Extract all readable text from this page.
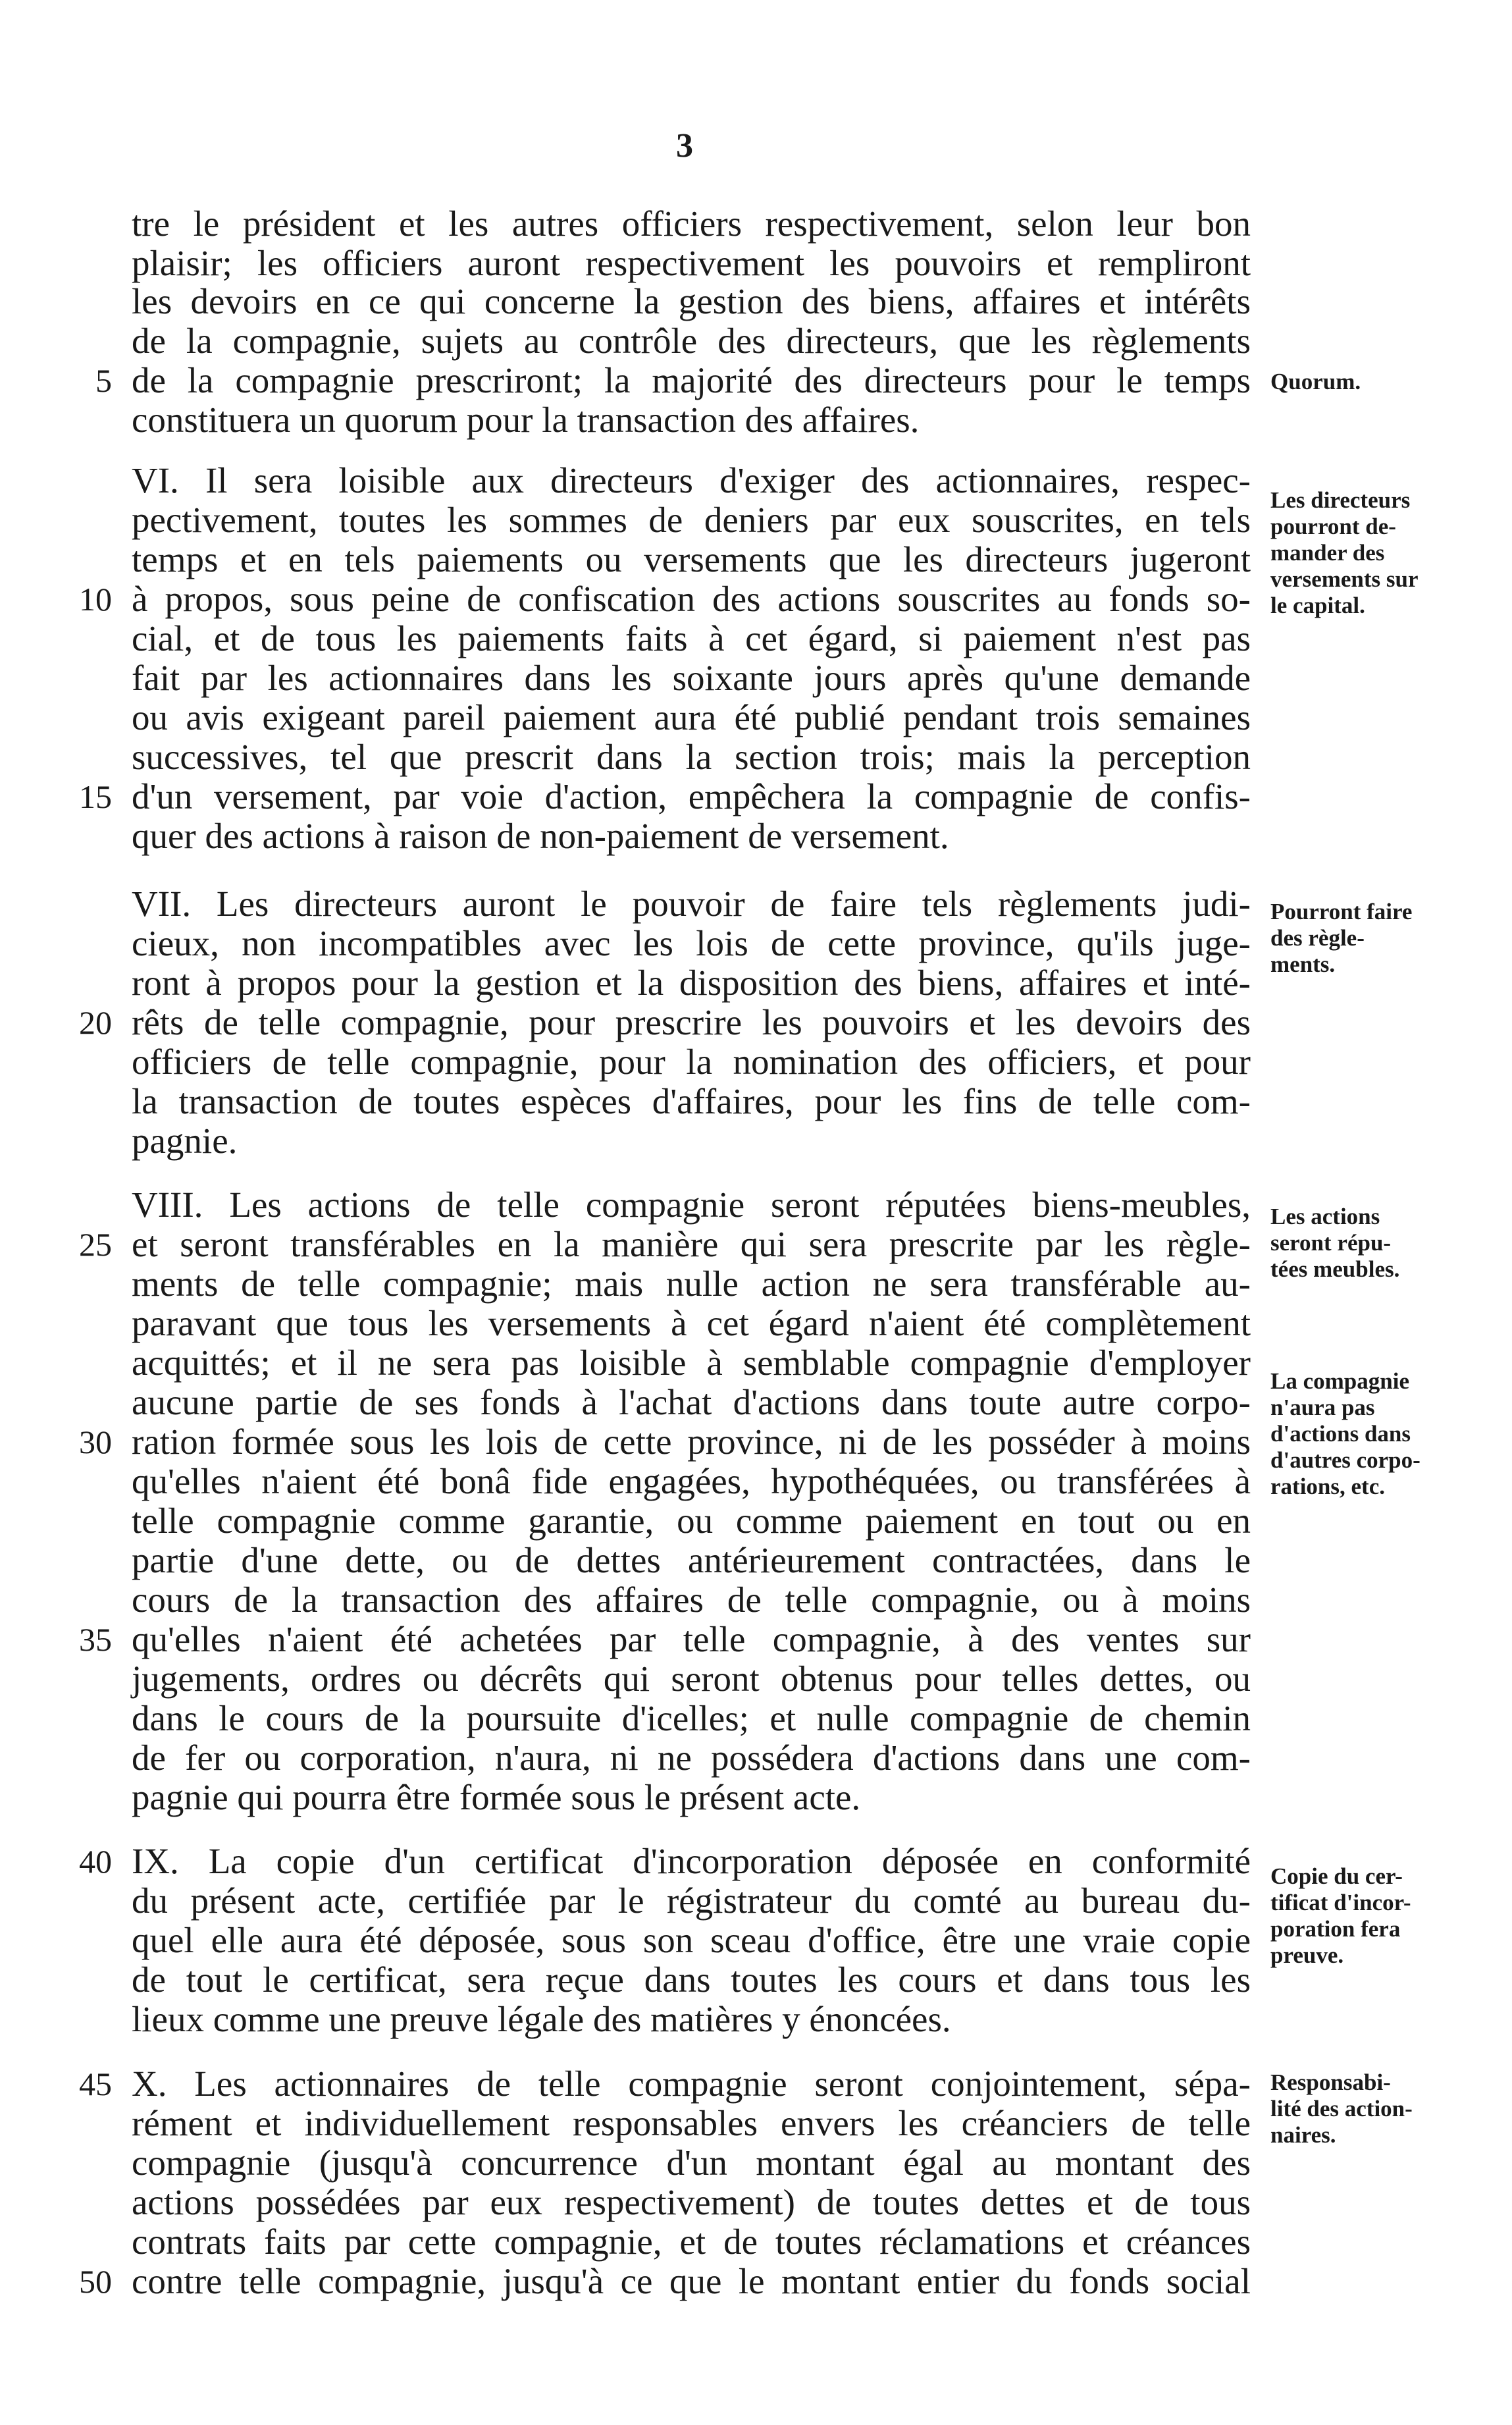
3
tre le président et les autres officiers respectivement, selon leur bon
plaisir; les officiers auront respectivement les pouvoirs et rempliront
les devoirs en ce qui concerne la gestion des biens, affaires et intérêts
de la compagnie, sujets au contrôle des directeurs, que les règlements
de la compagnie prescriront; la majorité des directeurs pour le temps
constituera un quorum pour la transaction des affaires.
VI. Il sera loisible aux directeurs d'exiger des actionnaires, respec-
pectivement, toutes les sommes de deniers par eux souscrites, en tels
temps et en tels paiements ou versements que les directeurs jugeront
à propos, sous peine de confiscation des actions souscrites au fonds so-
cial, et de tous les paiements faits à cet égard, si paiement n'est pas
fait par les actionnaires dans les soixante jours après qu'une demande
ou avis exigeant pareil paiement aura été publié pendant trois semaines
successives, tel que prescrit dans la section trois; mais la perception
d'un versement, par voie d'action, empêchera la compagnie de confis-
quer des actions à raison de non-paiement de versement.
VII. Les directeurs auront le pouvoir de faire tels règlements judi-
cieux, non incompatibles avec les lois de cette province, qu'ils juge-
ront à propos pour la gestion et la disposition des biens, affaires et inté-
rêts de telle compagnie, pour prescrire les pouvoirs et les devoirs des
officiers de telle compagnie, pour la nomination des officiers, et pour
la transaction de toutes espèces d'affaires, pour les fins de telle com-
pagnie.
VIII. Les actions de telle compagnie seront réputées biens-meubles,
et seront transférables en la manière qui sera prescrite par les règle-
ments de telle compagnie; mais nulle action ne sera transférable au-
paravant que tous les versements à cet égard n'aient été complètement
acquittés; et il ne sera pas loisible à semblable compagnie d'employer
aucune partie de ses fonds à l'achat d'actions dans toute autre corpo-
ration formée sous les lois de cette province, ni de les posséder à moins
qu'elles n'aient été bonâ fide engagées, hypothéquées, ou transférées à
telle compagnie comme garantie, ou comme paiement en tout ou en
partie d'une dette, ou de dettes antérieurement contractées, dans le
cours de la transaction des affaires de telle compagnie, ou à moins
qu'elles n'aient été achetées par telle compagnie, à des ventes sur
jugements, ordres ou décrêts qui seront obtenus pour telles dettes, ou
dans le cours de la poursuite d'icelles; et nulle compagnie de chemin
de fer ou corporation, n'aura, ni ne possédera d'actions dans une com-
pagnie qui pourra être formée sous le présent acte.
IX. La copie d'un certificat d'incorporation déposée en conformité
du présent acte, certifiée par le régistrateur du comté au bureau du-
quel elle aura été déposée, sous son sceau d'office, être une vraie copie
de tout le certificat, sera reçue dans toutes les cours et dans tous les
lieux comme une preuve légale des matières y énoncées.
X. Les actionnaires de telle compagnie seront conjointement, sépa-
rément et individuellement responsables envers les créanciers de telle
compagnie (jusqu'à concurrence d'un montant égal au montant des
actions possédées par eux respectivement) de toutes dettes et de tous
contrats faits par cette compagnie, et de toutes réclamations et créances
contre telle compagnie, jusqu'à ce que le montant entier du fonds social
5
10
15
20
25
30
35
40
45
50
Quorum.
Les directeurs
pourront de-
mander des
versements sur
le capital.
Pourront faire
des règle-
ments.
Les actions
seront répu-
tées meubles.
La compagnie
n'aura pas
d'actions dans
d'autres corpo-
rations, etc.
Copie du cer-
tificat d'incor-
poration fera
preuve.
Responsabi-
lité des action-
naires.
